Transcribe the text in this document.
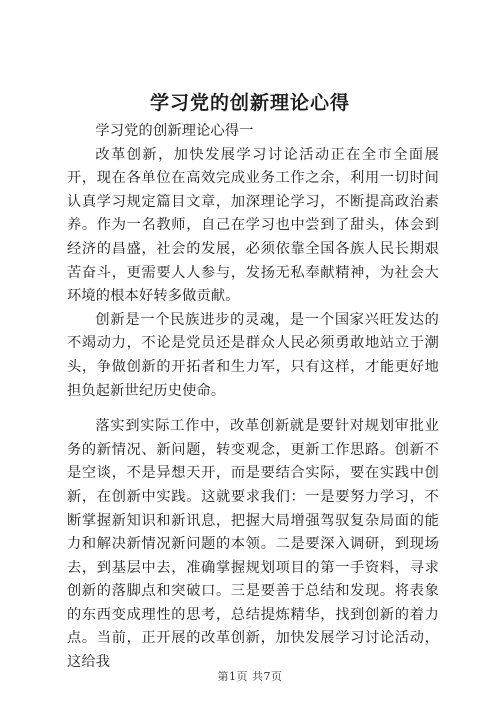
学习党的创新理论心得

学习党的创新理论心得一

改革创新，加快发展学习讨论活动正在全市全面展开，现在各单位在高效完成业务工作之余，利用一切时间认真学习规定篇目文章，加深理论学习，不断提高政治素养。作为一名教师，自己在学习也中尝到了甜头，体会到经济的昌盛，社会的发展，必须依靠全国各族人民长期艰苦奋斗，更需要人人参与，发扬无私奉献精神，为社会大环境的根本好转多做贡献。

创新是一个民族进步的灵魂，是一个国家兴旺发达的不竭动力，不论是党员还是群众人民必须勇敢地站立于潮头，争做创新的开拓者和生力军，只有这样，才能更好地担负起新世纪历史使命。

落实到实际工作中，改革创新就是要针对规划审批业务的新情况、新问题，转变观念，更新工作思路。创新不是空谈，不是异想天开，而是要结合实际，要在实践中创新，在创新中实践。这就要求我们：一是要努力学习，不断掌握新知识和新讯息，把握大局增强驾驭复杂局面的能力和解决新情况新问题的本领。二是要深入调研，到现场去，到基层中去，准确掌握规划项目的第一手资料，寻求创新的落脚点和突破口。三是要善于总结和发现。将表象的东西变成理性的思考，总结提炼精华，找到创新的着力点。当前，正开展的改革创新，加快发展学习讨论活动，这给我

第1页 共7页
